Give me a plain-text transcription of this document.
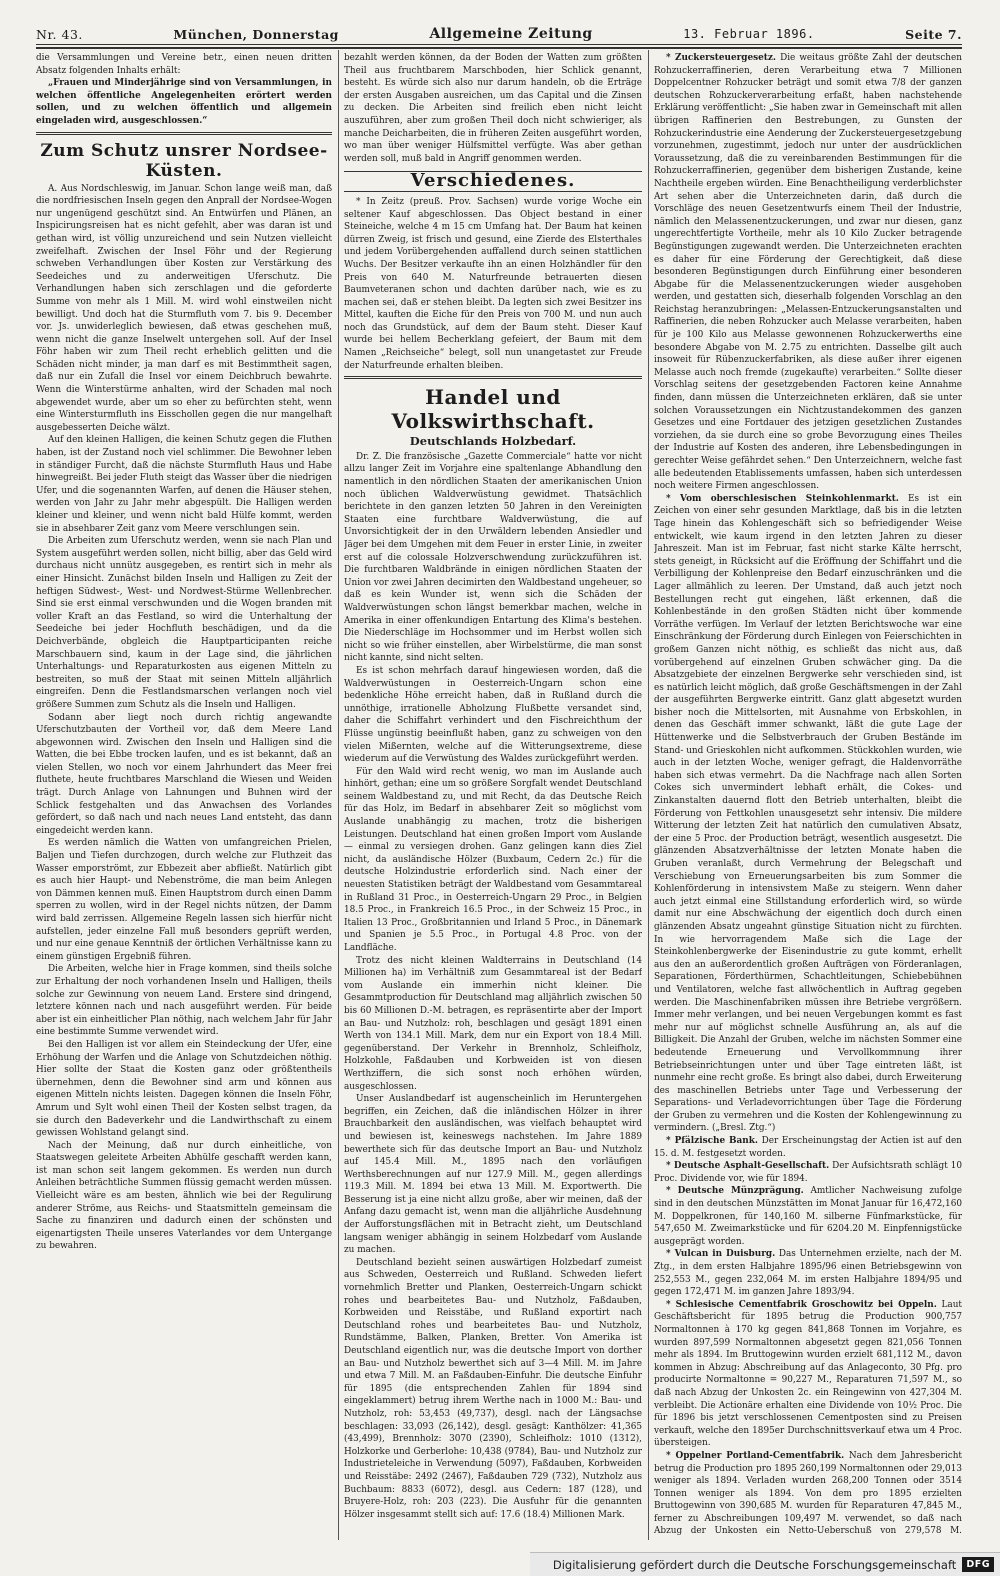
Nr. 43.	München, Donnerstag	Allgemeine Zeitung	13. Februar 1896.	Seite 7.

die Versammlungen und Vereine betr., einen neuen dritten Absatz folgenden Inhalts erhält:

„Frauen und Minderjährige sind von Versammlungen, in welchen öffentliche Angelegenheiten erörtert werden sollen, und zu welchen öffentlich und allgemein eingeladen wird, ausgeschlossen.“

Zum Schutz unsrer Nordsee-Küsten.

A. Aus Nordschleswig, im Januar. Schon lange weiß man, daß die nordfriesischen Inseln gegen den Anprall der Nordsee-Wogen nur ungenügend geschützt sind. An Entwürfen und Plänen, an Inspicirungsreisen hat es nicht gefehlt, aber was daran ist und gethan wird, ist völlig unzureichend und sein Nutzen vielleicht zweifelhaft. Zwischen der Insel Föhr und der Regierung schweben Verhandlungen über Kosten zur Verstärkung des Seedeiches und zu anderweitigen Uferschutz. Die Verhandlungen haben sich zerschlagen und die geforderte Summe von mehr als 1 Mill. M. wird wohl einstweilen nicht bewilligt. Und doch hat die Sturmfluth vom 7. bis 9. December vor. Js. unwiderleglich bewiesen, daß etwas geschehen muß, wenn nicht die ganze Inselwelt untergehen soll. Auf der Insel Föhr haben wir zum Theil recht erheblich gelitten und die Schäden nicht minder, ja man darf es mit Bestimmtheit sagen, daß nur ein Zufall die Insel vor einem Deichbruch bewahrte. Wenn die Winterstürme anhalten, wird der Schaden mal noch abgewendet wurde, aber um so eher zu befürchten steht, wenn eine Wintersturmfluth ins Eisschollen gegen die nur mangelhaft ausgebesserten Deiche wälzt.

Auf den kleinen Halligen, die keinen Schutz gegen die Fluthen haben, ist der Zustand noch viel schlimmer. Die Bewohner leben in ständiger Furcht, daß die nächste Sturmfluth Haus und Habe hinwegreißt. Bei jeder Fluth steigt das Wasser über die niedrigen Ufer, und die sogenannten Warfen, auf denen die Häuser stehen, werden von Jahr zu Jahr mehr abgespült. Die Halligen werden kleiner und kleiner, und wenn nicht bald Hülfe kommt, werden sie in absehbarer Zeit ganz vom Meere verschlungen sein.

Die Arbeiten zum Uferschutz werden, wenn sie nach Plan und System ausgeführt werden sollen, nicht billig, aber das Geld wird durchaus nicht unnütz ausgegeben, es rentirt sich in mehr als einer Hinsicht. Zunächst bilden Inseln und Halligen zu Zeit der heftigen Südwest-, West- und Nordwest-Stürme Wellenbrecher. Sind sie erst einmal verschwunden und die Wogen branden mit voller Kraft an das Festland, so wird die Unterhaltung der Seedeiche bei jeder Hochfluth beschädigen, und da die Deichverbände, obgleich die Hauptparticipanten reiche Marschbauern sind, kaum in der Lage sind, die jährlichen Unterhaltungs- und Reparaturkosten aus eigenen Mitteln zu bestreiten, so muß der Staat mit seinen Mitteln alljährlich eingreifen. Denn die Festlandsmarschen verlangen noch viel größere Summen zum Schutz als die Inseln und Halligen.

Sodann aber liegt noch durch richtig angewandte Uferschutzbauten der Vortheil vor, daß dem Meere Land abgewonnen wird. Zwischen den Inseln und Halligen sind die Watten, die bei Ebbe trocken laufen, und es ist bekannt, daß an vielen Stellen, wo noch vor einem Jahrhundert das Meer frei fluthete, heute fruchtbares Marschland die Wiesen und Weiden trägt. Durch Anlage von Lahnungen und Buhnen wird der Schlick festgehalten und das Anwachsen des Vorlandes gefördert, so daß nach und nach neues Land entsteht, das dann eingedeicht werden kann.

Es werden nämlich die Watten von umfangreichen Prielen, Baljen und Tiefen durchzogen, durch welche zur Fluthzeit das Wasser emporströmt, zur Ebbezeit aber abfließt. Natürlich gibt es auch hier Haupt- und Nebenströme, die man beim Anlegen von Dämmen kennen muß. Einen Hauptstrom durch einen Damm sperren zu wollen, wird in der Regel nichts nützen, der Damm wird bald zerrissen. Allgemeine Regeln lassen sich hierfür nicht aufstellen, jeder einzelne Fall muß besonders geprüft werden, und nur eine genaue Kenntniß der örtlichen Verhältnisse kann zu einem günstigen Ergebniß führen.

Die Arbeiten, welche hier in Frage kommen, sind theils solche zur Erhaltung der noch vorhandenen Inseln und Halligen, theils solche zur Gewinnung von neuem Land. Erstere sind dringend, letztere können nach und nach ausgeführt werden. Für beide aber ist ein einheitlicher Plan nöthig, nach welchem Jahr für Jahr eine bestimmte Summe verwendet wird.

Bei den Halligen ist vor allem ein Steindeckung der Ufer, eine Erhöhung der Warfen und die Anlage von Schutzdeichen nöthig. Hier sollte der Staat die Kosten ganz oder größtentheils übernehmen, denn die Bewohner sind arm und können aus eigenen Mitteln nichts leisten. Dagegen können die Inseln Föhr, Amrum und Sylt wohl einen Theil der Kosten selbst tragen, da sie durch den Badeverkehr und die Landwirthschaft zu einem gewissen Wohlstand gelangt sind.

Nach der Meinung, daß nur durch einheitliche, von Staatswegen geleitete Arbeiten Abhülfe geschafft werden kann, ist man schon seit langem gekommen. Es werden nun durch Anleihen beträchtliche Summen flüssig gemacht werden müssen. Vielleicht wäre es am besten, ähnlich wie bei der Regulirung anderer Ströme, aus Reichs- und Staatsmitteln gemeinsam die Sache zu finanziren und dadurch einen der schönsten und eigenartigsten Theile unseres Vaterlandes vor dem Untergange zu bewahren.

bezahlt werden können, da der Boden der Watten zum größten Theil aus fruchtbarem Marschboden, hier Schlick genannt, besteht. Es würde sich also nur darum handeln, ob die Erträge der ersten Ausgaben ausreichen, um das Capital und die Zinsen zu decken. Die Arbeiten sind freilich eben nicht leicht auszuführen, aber zum großen Theil doch nicht schwieriger, als manche Deicharbeiten, die in früheren Zeiten ausgeführt worden, wo man über weniger Hülfsmittel verfügte. Was aber gethan werden soll, muß bald in Angriff genommen werden.

Verschiedenes.

* In Zeitz (preuß. Prov. Sachsen) wurde vorige Woche ein seltener Kauf abgeschlossen. Das Object bestand in einer Steineiche, welche 4 m 15 cm Umfang hat. Der Baum hat keinen dürren Zweig, ist frisch und gesund, eine Zierde des Elsterthales und jedem Vorübergehenden auffallend durch seinen stattlichen Wuchs. Der Besitzer verkaufte ihn an einen Holzhändler für den Preis von 640 M. Naturfreunde betrauerten diesen Baumveteranen schon und dachten darüber nach, wie es zu machen sei, daß er stehen bleibt. Da legten sich zwei Besitzer ins Mittel, kauften die Eiche für den Preis von 700 M. und nun auch noch das Grundstück, auf dem der Baum steht. Dieser Kauf wurde bei hellem Becherklang gefeiert, der Baum mit dem Namen „Reichseiche“ belegt, soll nun unangetastet zur Freude der Naturfreunde erhalten bleiben.

Handel und Volkswirthschaft.
Deutschlands Holzbedarf.

Dr. Z. Die französische „Gazette Commerciale“ hatte vor nicht allzu langer Zeit im Vorjahre eine spaltenlange Abhandlung den namentlich in den nördlichen Staaten der amerikanischen Union noch üblichen Waldverwüstung gewidmet. Thatsächlich berichtete in den ganzen letzten 50 Jahren in den Vereinigten Staaten eine furchtbare Waldverwüstung, die auf Unvorsichtigkeit der in den Urwäldern lebenden Ansiedler und Jäger bei dem Umgehen mit dem Feuer in erster Linie, in zweiter erst auf die colossale Holzverschwendung zurückzuführen ist. Die furchtbaren Waldbrände in einigen nördlichen Staaten der Union vor zwei Jahren decimirten den Waldbestand ungeheuer, so daß es kein Wunder ist, wenn sich die Schäden der Waldverwüstungen schon längst bemerkbar machen, welche in Amerika in einer offenkundigen Entartung des Klima's bestehen. Die Niederschläge im Hochsommer und im Herbst wollen sich nicht so wie früher einstellen, aber Wirbelstürme, die man sonst nicht kannte, sind nicht selten.

Es ist schon mehrfach darauf hingewiesen worden, daß die Waldverwüstungen in Oesterreich-Ungarn schon eine bedenkliche Höhe erreicht haben, daß in Rußland durch die unnöthige, irrationelle Abholzung Flußbette versandet sind, daher die Schiffahrt verhindert und den Fischreichthum der Flüsse ungünstig beeinflußt haben, ganz zu schweigen von den vielen Mißernten, welche auf die Witterungsextreme, diese wiederum auf die Verwüstung des Waldes zurückgeführt werden.

Für den Wald wird recht wenig, wo man im Auslande auch hinhört, gethan; eine um so größere Sorgfalt wendet Deutschland seinem Waldbestand zu, und mit Recht, da das Deutsche Reich für das Holz, im Bedarf in absehbarer Zeit so möglichst vom Auslande unabhängig zu machen, trotz die bisherigen Leistungen. Deutschland hat einen großen Import vom Auslande — einmal zu versiegen drohen. Ganz gelingen kann dies Ziel nicht, da ausländische Hölzer (Buxbaum, Cedern 2c.) für die deutsche Holzindustrie erforderlich sind. Nach einer der neuesten Statistiken beträgt der Waldbestand vom Gesammtareal in Rußland 31 Proc., in Oesterreich-Ungarn 29 Proc., in Belgien 18.5 Proc., in Frankreich 16.5 Proc., in der Schweiz 15 Proc., in Italien 13 Proc., Großbritannien und Irland 5 Proc., in Dänemark und Spanien je 5.5 Proc., in Portugal 4.8 Proc. von der Landfläche.

Trotz des nicht kleinen Waldterrains in Deutschland (14 Millionen ha) im Verhältniß zum Gesammtareal ist der Bedarf vom Auslande ein immerhin nicht kleiner. Die Gesammtproduction für Deutschland mag alljährlich zwischen 50 bis 60 Millionen D.-M. betragen, es repräsentirte aber der Import an Bau- und Nutzholz: roh, beschlagen und gesägt 1891 einen Werth von 134.1 Mill. Mark, dem nur ein Export von 18.4 Mill. gegenüberstand. Der Verkehr in Brennholz, Schleifholz, Holzkohle, Faßdauben und Korbweiden ist von diesen Werthziffern, die sich sonst noch erhöhen würden, ausgeschlossen.

Unser Auslandbedarf ist augenscheinlich im Heruntergehen begriffen, ein Zeichen, daß die inländischen Hölzer in ihrer Brauchbarkeit den ausländischen, was vielfach behauptet wird und bewiesen ist, keineswegs nachstehen. Im Jahre 1889 bewerthete sich für das deutsche Import an Bau- und Nutzholz auf 145.4 Mill. M., 1895 nach den vorläufigen Werthsberechnungen auf nur 127.9 Mill. M., gegen allerdings 119.3 Mill. M. 1894 bei etwa 13 Mill. M. Exportwerth. Die Besserung ist ja eine nicht allzu große, aber wir meinen, daß der Anfang dazu gemacht ist, wenn man die alljährliche Ausdehnung der Aufforstungsflächen mit in Betracht zieht, um Deutschland langsam weniger abhängig in seinem Holzbedarf vom Auslande zu machen.

Deutschland bezieht seinen auswärtigen Holzbedarf zumeist aus Schweden, Oesterreich und Rußland. Schweden liefert vornehmlich Bretter und Planken, Oesterreich-Ungarn schickt rohes und bearbeitetes Bau- und Nutzholz, Faßdauben, Korbweiden und Reisstäbe, und Rußland exportirt nach Deutschland rohes und bearbeitetes Bau- und Nutzholz, Rundstämme, Balken, Planken, Bretter. Von Amerika ist Deutschland eigentlich nur, was die deutsche Import von dorther an Bau- und Nutzholz bewerthet sich auf 3—4 Mill. M. im Jahre und etwa 7 Mill. M. an Faßdauben-Einfuhr. Die deutsche Einfuhr für 1895 (die entsprechenden Zahlen für 1894 sind eingeklammert) betrug ihrem Werthe nach in 1000 M.: Bau- und Nutzholz, roh: 53,453 (49,737), desgl. nach der Längsachse beschlagen: 33,093 (26,142), desgl. gesägt: Kanthölzer: 41,365 (43,499), Brennholz: 3070 (2390), Schleifholz: 1010 (1312), Holzkorke und Gerberlohe: 10,438 (9784), Bau- und Nutzholz zur Industrieteleiche in Verwendung (5097), Faßdauben, Korbweiden und Reisstäbe: 2492 (2467), Faßdauben 729 (732), Nutzholz aus Buchbaum: 8833 (6072), desgl. aus Cedern: 187 (128), und Bruyere-Holz, roh: 203 (223). Die Ausfuhr für die genannten Hölzer insgesammt stellt sich auf: 17.6 (18.4) Millionen Mark.

* Zuckersteuergesetz. Die weitaus größte Zahl der deutschen Rohzuckerraffinerien, deren Verarbeitung etwa 7 Millionen Doppelcentner Rohzucker beträgt und somit etwa 7/8 der ganzen deutschen Rohzuckerverarbeitung erfaßt, haben nachstehende Erklärung veröffentlicht: „Sie haben zwar in Gemeinschaft mit allen übrigen Raffinerien den Bestrebungen, zu Gunsten der Rohzuckerindustrie eine Aenderung der Zuckersteuergesetzgebung vorzunehmen, zugestimmt, jedoch nur unter der ausdrücklichen Voraussetzung, daß die zu vereinbarenden Bestimmungen für die Rohzuckerraffinerien, gegenüber dem bisherigen Zustande, keine Nachtheile ergeben würden. Eine Benachtheiligung verderblichster Art sehen aber die Unterzeichneten darin, daß durch die Vorschläge des neuen Gesetzentwurfs einem Theil der Industrie, nämlich den Melassenentzuckerungen, und zwar nur diesen, ganz ungerechtfertigte Vortheile, mehr als 10 Kilo Zucker betragende Begünstigungen zugewandt werden. Die Unterzeichneten erachten es daher für eine Förderung der Gerechtigkeit, daß diese besonderen Begünstigungen durch Einführung einer besonderen Abgabe für die Melassenentzuckerungen wieder ausgehoben werden, und gestatten sich, dieserhalb folgenden Vorschlag an den Reichstag heranzubringen: „Melassen-Entzuckerungsanstalten und Raffinerien, die neben Rohzucker auch Melasse verarbeiten, haben für je 100 Kilo aus Melasse gewonnenen Rohzuckerwerths eine besondere Abgabe von M. 2.75 zu entrichten. Dasselbe gilt auch insoweit für Rübenzuckerfabriken, als diese außer ihrer eigenen Melasse auch noch fremde (zugekaufte) verarbeiten.“ Sollte dieser Vorschlag seitens der gesetzgebenden Factoren keine Annahme finden, dann müssen die Unterzeichneten erklären, daß sie unter solchen Voraussetzungen ein Nichtzustandekommen des ganzen Gesetzes und eine Fortdauer des jetzigen gesetzlichen Zustandes vorziehen, da sie durch eine so grobe Bevorzugung eines Theiles der Industrie auf Kosten des anderen, ihre Lebensbedingungen in gerechter Weise gefährdet sehen.“ Den Unterzeichnern, welche fast alle bedeutenden Etablissements umfassen, haben sich unterdessen noch weitere Firmen angeschlossen.

* Vom oberschlesischen Steinkohlenmarkt. Es ist ein Zeichen von einer sehr gesunden Marktlage, daß bis in die letzten Tage hinein das Kohlengeschäft sich so befriedigender Weise entwickelt, wie kaum irgend in den letzten Jahren zu dieser Jahreszeit. Man ist im Februar, fast nicht starke Kälte herrscht, stets geneigt, in Rücksicht auf die Eröffnung der Schiffahrt und die Verbilligung der Kohlenpreise den Bedarf einzuschränken und die Lager allmählich zu leeren. Der Umstand, daß auch jetzt noch Bestellungen recht gut eingehen, läßt erkennen, daß die Kohlenbestände in den großen Städten nicht über kommende Vorräthe verfügen. Im Verlauf der letzten Berichtswoche war eine Einschränkung der Förderung durch Einlegen von Feierschichten in großem Ganzen nicht nöthig, es schließt das nicht aus, daß vorübergehend auf einzelnen Gruben schwächer ging. Da die Absatzgebiete der einzelnen Bergwerke sehr verschieden sind, ist es natürlich leicht möglich, daß große Geschäftsmengen in der Zahl der ausgeführten Bergwerke eintritt. Ganz glatt abgesetzt wurden bisher noch die Mittelsorten, mit Ausnahme von Erbskohlen, in denen das Geschäft immer schwankt, läßt die gute Lage der Hüttenwerke und die Selbstverbrauch der Gruben Bestände im Stand- und Grieskohlen nicht aufkommen. Stückkohlen wurden, wie auch in der letzten Woche, weniger gefragt, die Haldenvorräthe haben sich etwas vermehrt. Da die Nachfrage nach allen Sorten Cokes sich unvermindert lebhaft erhält, die Cokes- und Zinkanstalten dauernd flott den Betrieb unterhalten, bleibt die Förderung von Fettkohlen unausgesetzt sehr intensiv. Die mildere Witterung der letzten Zeit hat natürlich den cumulativen Absatz, der eine 5 Proc. der Production beträgt, wesentlich ausgesetzt. Die glänzenden Absatzverhältnisse der letzten Monate haben die Gruben veranlaßt, durch Vermehrung der Belegschaft und Verschiebung von Erneuerungsarbeiten bis zum Sommer die Kohlenförderung in intensivstem Maße zu steigern. Wenn daher auch jetzt einmal eine Stillstandung erforderlich wird, so würde damit nur eine Abschwächung der eigentlich doch durch einen glänzenden Absatz ungeahnt günstige Situation nicht zu fürchten. In wie hervorragendem Maße sich die Lage der Steinkohlenbergwerke der Eisenindustrie zu gute kommt, erhellt aus den an außerordentlich großen Aufträgen von Förderanlagen, Separationen, Förderthürmen, Schachtleitungen, Schiebebühnen und Ventilatoren, welche fast allwöchentlich in Auftrag gegeben werden. Die Maschinenfabriken müssen ihre Betriebe vergrößern. Immer mehr verlangen, und bei neuen Vergebungen kommt es fast mehr nur auf möglichst schnelle Ausführung an, als auf die Billigkeit. Die Anzahl der Gruben, welche im nächsten Sommer eine bedeutende Erneuerung und Vervollkommnung ihrer Betriebseinrichtungen unter und über Tage eintreten läßt, ist nunmehr eine recht große. Es bringt also dabei, durch Erweiterung des maschinellen Betriebs unter Tage und Verbesserung der Separations- und Verladevorrichtungen über Tage die Förderung der Gruben zu vermehren und die Kosten der Kohlengewinnung zu vermindern. („Bresl. Ztg.“)

* Pfälzische Bank. Der Erscheinungstag der Actien ist auf den 15. d. M. festgesetzt worden.

* Deutsche Asphalt-Gesellschaft. Der Aufsichtsrath schlägt 10 Proc. Dividende vor, wie für 1894.

* Deutsche Münzprägung. Amtlicher Nachweisung zufolge sind in den deutschen Münzstätten im Monat Januar für 16,472,160 M. Doppelkronen, für 140,160 M. silberne Fünfmarkstücke, für 547,650 M. Zweimarkstücke und für 6204.20 M. Einpfennigstücke ausgeprägt worden.

* Vulcan in Duisburg. Das Unternehmen erzielte, nach der M. Ztg., in dem ersten Halbjahre 1895/96 einen Betriebsgewinn von 252,553 M., gegen 232,064 M. im ersten Halbjahre 1894/95 und gegen 172,471 M. im ganzen Jahre 1893/94.

* Schlesische Cementfabrik Groschowitz bei Oppeln. Laut Geschäftsbericht für 1895 betrug die Production 900,757 Normaltonnen à 170 kg gegen 841,868 Tonnen im Vorjahre, es wurden 897,599 Normaltonnen abgesetzt gegen 821,056 Tonnen mehr als 1894. Im Bruttogewinn wurden erzielt 681,112 M., davon kommen in Abzug: Abschreibung auf das Anlageconto, 30 Pfg. pro producirte Normaltonne = 90,227 M., Reparaturen 71,597 M., so daß nach Abzug der Unkosten 2c. ein Reingewinn von 427,304 M. verbleibt. Die Actionäre erhalten eine Dividende von 10½ Proc. Die für 1896 bis jetzt verschlossenen Cementposten sind zu Preisen verkauft, welche den 1895er Durchschnittsverkauf etwa um 4 Proc. übersteigen.

* Oppelner Portland-Cementfabrik. Nach dem Jahresbericht betrug die Production pro 1895 260,199 Normaltonnen oder 29,013 weniger als 1894. Verladen wurden 268,200 Tonnen oder 3514 Tonnen weniger als 1894. Von dem pro 1895 erzielten Bruttogewinn von 390,685 M. wurden für Reparaturen 47,845 M., ferner zu Abschreibungen 109,497 M. verwendet, so daß nach Abzug der Unkosten ein Netto-Ueberschuß von 279,578 M.

Digitalisierung gefördert durch die Deutsche Forschungsgemeinschaft	DFG
